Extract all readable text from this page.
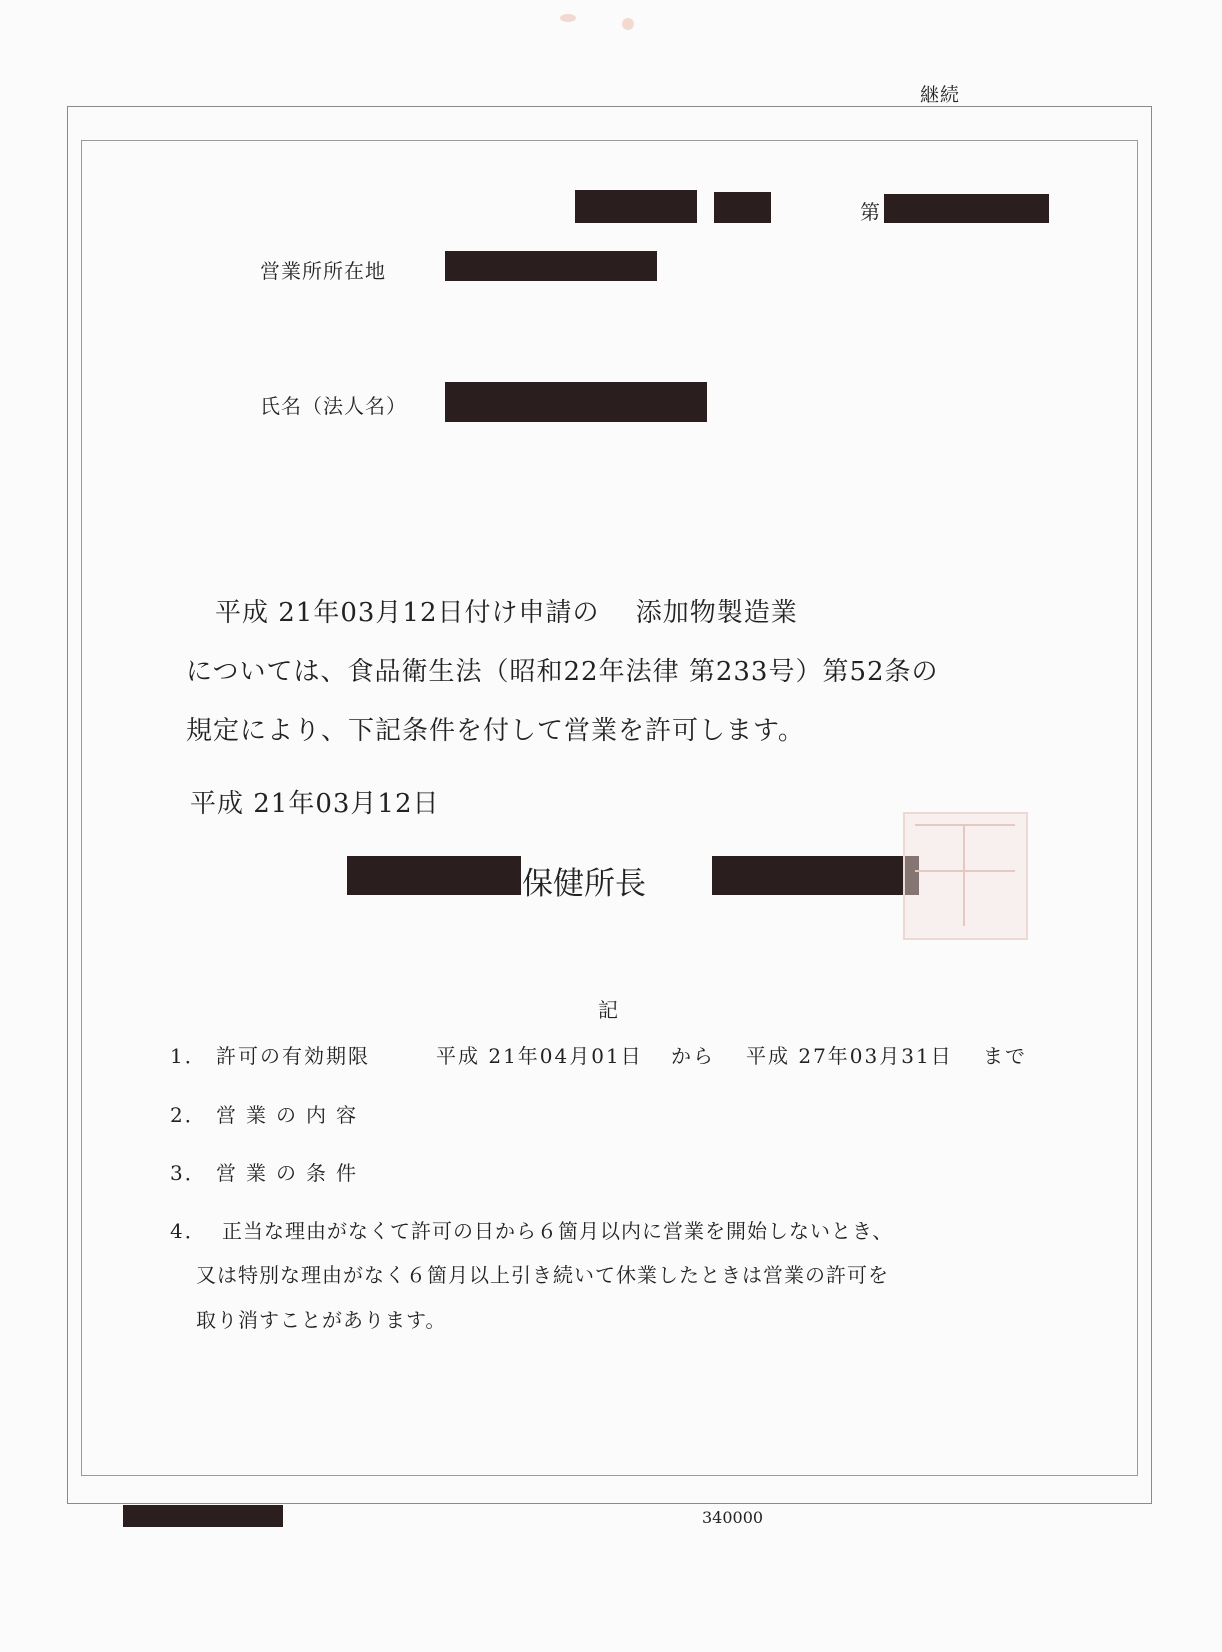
継続
第
営業所所在地
氏名（法人名）
平成 21年03月12日付け申請の　 添加物製造業
については、食品衛生法（昭和22年法律 第233号）第52条の
規定により、下記条件を付して営業を許可します。
平成 21年03月12日
保健所長
記
1． 許可の有効期限	平成 21年04月01日 から 平成 27年03月31日 まで
2． 営業の内容
3． 営業の条件
4． 正当な理由がなくて許可の日から６箇月以内に営業を開始しないとき、
又は特別な理由がなく６箇月以上引き続いて休業したときは営業の許可を
取り消すことがあります。
340000
